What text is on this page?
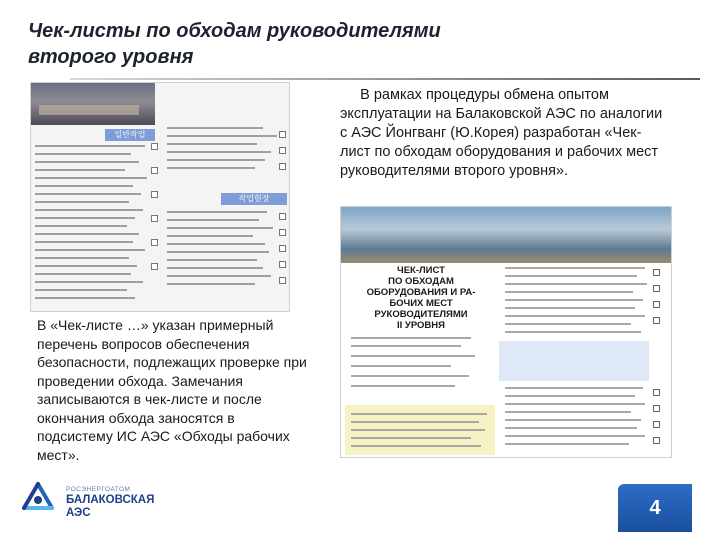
Чек-листы по обходам руководителями
второго уровня
일반작업
작업현장
В рамках процедуры обмена опытом эксплуатации на Балаковской АЭС по аналогии с АЭС Йонгванг (Ю.Корея) разработан «Чек-лист по обходам оборудования и рабочих мест руководителями второго уровня».
ЧЕК-ЛИСТ
ПО ОБХОДАМ
ОБОРУДОВАНИЯ И РА-
БОЧИХ МЕСТ
РУКОВОДИТЕЛЯМИ
II УРОВНЯ
В «Чек-листе …» указан примерный перечень вопросов обеспечения безопасности, подлежащих проверке при проведении обхода. Замечания записываются в чек-листе и после окончания обхода заносятся в подсистему ИС АЭС «Обходы рабочих мест».
РОСЭНЕРГОАТОМ
БАЛАКОВСКАЯ
АЭС	4
